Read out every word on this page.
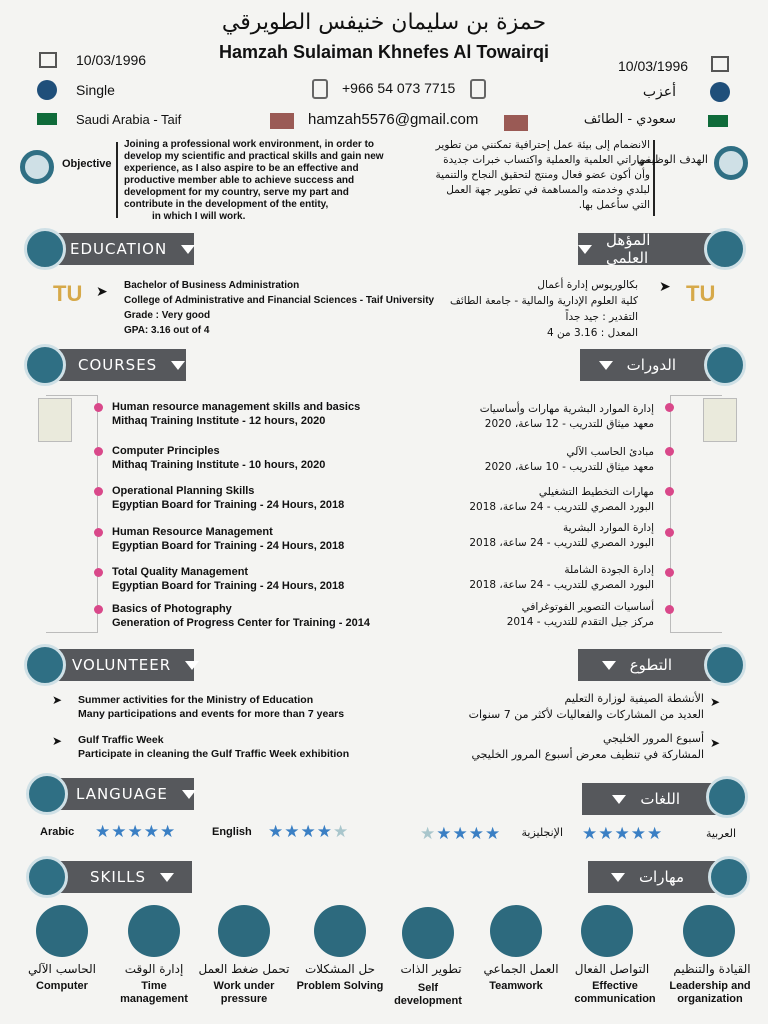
حمزة بن سليمان خنيفس الطويرقي
Hamzah Sulaiman Khnefes Al Towairqi
10/03/1996	10/03/1996
Single	أعزب
+966 54 073 7715
Saudi Arabia - Taif	سعودي - الطائف
hamzah5576@gmail.com
Objective
Joining a professional work environment, in order to
develop my scientific and practical skills and gain new
experience, as I also aspire to be an effective and
productive member able to achieve success and
development for my country, serve my part and
contribute in the development of the entity,
in which I will work.
الانضمام إلى بيئة عمل إحترافية تمكنني من تطوير
مهاراتي العلمية والعملية واكتساب خبرات جديدة
وأن أكون عضو فعال ومنتج لتحقيق النجاح والتنمية
لبلدي وخدمته والمساهمة في تطوير جهة العمل
التي سأعمل بها.
الهدف الوظيفي
EDUCATION	المؤهل العلمي
TU ➤ Bachelor of Business Administration
College of Administrative and Financial Sciences - Taif University
Grade : Very good
GPA: 3.16 out of 4
بكالوريوس إدارة أعمال
كلية العلوم الإدارية والمالية - جامعة الطائف
التقدير : جيد جداً
المعدل : 3.16 من 4
➤ TU
COURSES	الدورات
Human resource management skills and basics
Mithaq Training Institute - 12 hours, 2020
Computer Principles
Mithaq Training Institute - 10 hours, 2020
Operational Planning Skills
Egyptian Board for Training - 24 Hours, 2018
Human Resource Management
Egyptian Board for Training - 24 Hours, 2018
Total Quality Management
Egyptian Board for Training - 24 Hours, 2018
Basics of Photography
Generation of Progress Center for Training - 2014
إدارة الموارد البشرية مهارات وأساسيات
معهد ميثاق للتدريب - 12 ساعة، 2020
مبادئ الحاسب الآلي
معهد ميثاق للتدريب - 10 ساعة، 2020
مهارات التخطيط التشغيلي
البورد المصري للتدريب - 24 ساعة، 2018
إدارة الموارد البشرية
البورد المصري للتدريب - 24 ساعة، 2018
إدارة الجودة الشاملة
البورد المصري للتدريب - 24 ساعة، 2018
أساسيات التصوير الفوتوغرافي
مركز جيل التقدم للتدريب - 2014
VOLUNTEER	التطوع
➤ Summer activities for the Ministry of Education
Many participations and events for more than 7 years
➤ Gulf Traffic Week
Participate in cleaning the Gulf Traffic Week exhibition
الأنشطة الصيفية لوزارة التعليم
العديد من المشاركات والفعاليات لأكثر من 7 سنوات
➤
أسبوع المرور الخليجي
المشاركة في تنظيف معرض أسبوع المرور الخليجي
➤
LANGUAGE	اللغات
Arabic ★★★★★	English ★★★★★	★★★★★ الإنجليزية ★★★★★	العربية
SKILLS	مهارات
الحاسب الآلي
Computer
إدارة الوقت
Time management
تحمل ضغط العمل
Work under pressure
حل المشكلات
Problem Solving
تطوير الذات
Self development
العمل الجماعي
Teamwork
التواصل الفعال
Effective communication
القيادة والتنظيم
Leadership and organization
